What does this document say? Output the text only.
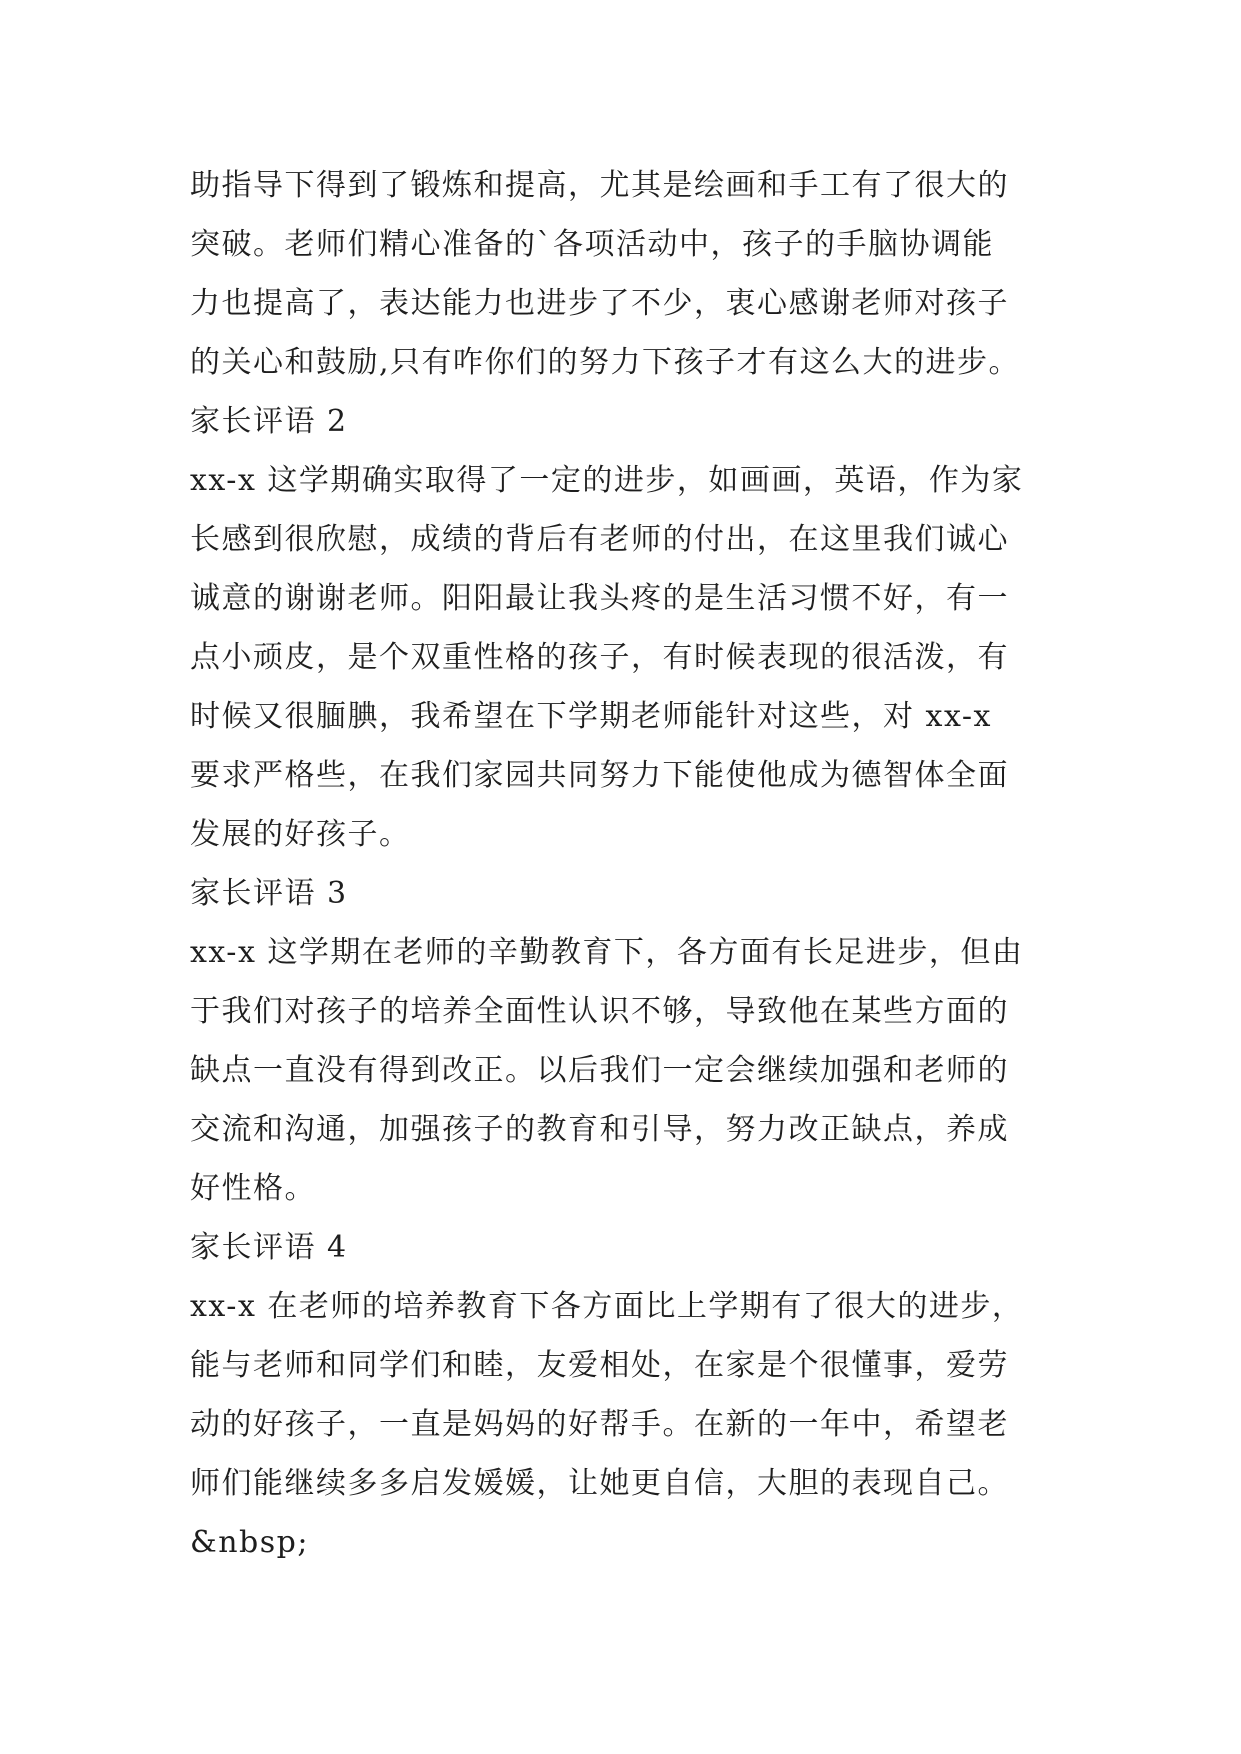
助指导下得到了锻炼和提高，尤其是绘画和手工有了很大的
突破。老师们精心准备的`各项活动中，孩子的手脑协调能
力也提高了，表达能力也进步了不少，衷心感谢老师对孩子
的关心和鼓励,只有咋你们的努力下孩子才有这么大的进步。
家长评语 2
xx-x 这学期确实取得了一定的进步，如画画，英语，作为家
长感到很欣慰，成绩的背后有老师的付出，在这里我们诚心
诚意的谢谢老师。阳阳最让我头疼的是生活习惯不好，有一
点小顽皮，是个双重性格的孩子，有时候表现的很活泼，有
时候又很腼腆，我希望在下学期老师能针对这些，对 xx-x
要求严格些，在我们家园共同努力下能使他成为德智体全面
发展的好孩子。
家长评语 3
xx-x 这学期在老师的辛勤教育下，各方面有长足进步，但由
于我们对孩子的培养全面性认识不够，导致他在某些方面的
缺点一直没有得到改正。以后我们一定会继续加强和老师的
交流和沟通，加强孩子的教育和引导，努力改正缺点，养成
好性格。
家长评语 4
xx-x 在老师的培养教育下各方面比上学期有了很大的进步，
能与老师和同学们和睦，友爱相处，在家是个很懂事，爱劳
动的好孩子，一直是妈妈的好帮手。在新的一年中，希望老
师们能继续多多启发媛媛，让她更自信，大胆的表现自己。
&nbsp;
